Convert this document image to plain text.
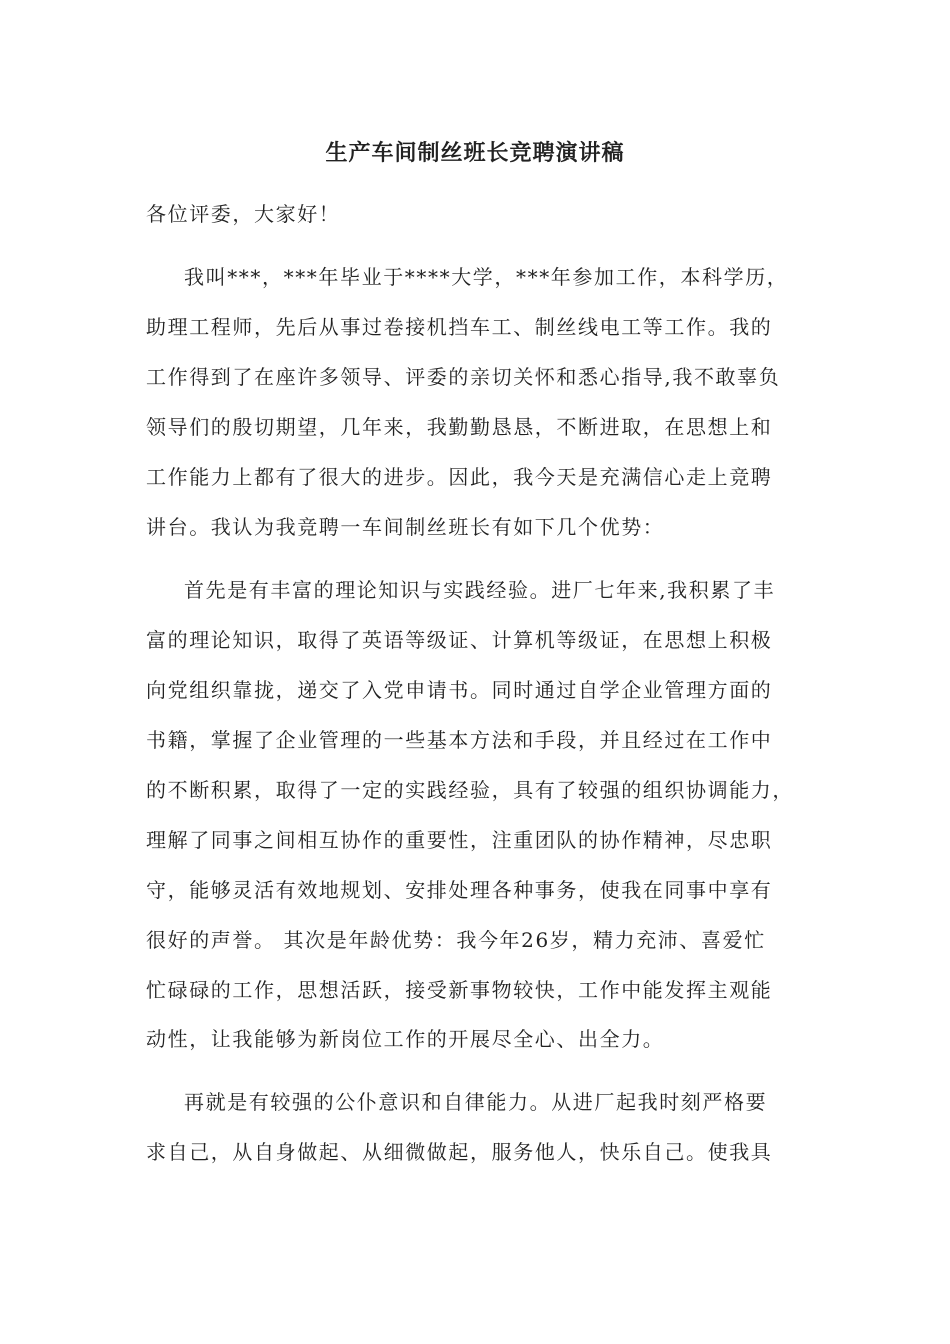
生产车间制丝班长竞聘演讲稿
各位评委，大家好！
我叫***，***年毕业于****大学，***年参加工作，本科学历，
助理工程师，先后从事过卷接机挡车工、制丝线电工等工作。我的
工作得到了在座许多领导、评委的亲切关怀和悉心指导,我不敢辜负
领导们的殷切期望，几年来，我勤勤恳恳，不断进取，在思想上和
工作能力上都有了很大的进步。因此，我今天是充满信心走上竞聘
讲台。我认为我竞聘一车间制丝班长有如下几个优势：
首先是有丰富的理论知识与实践经验。进厂七年来,我积累了丰
富的理论知识，取得了英语等级证、计算机等级证，在思想上积极
向党组织靠拢，递交了入党申请书。同时通过自学企业管理方面的
书籍，掌握了企业管理的一些基本方法和手段，并且经过在工作中
的不断积累，取得了一定的实践经验，具有了较强的组织协调能力，
理解了同事之间相互协作的重要性，注重团队的协作精神，尽忠职
守，能够灵活有效地规划、安排处理各种事务，使我在同事中享有
很好的声誉。 其次是年龄优势：我今年26岁，精力充沛、喜爱忙
忙碌碌的工作，思想活跃，接受新事物较快，工作中能发挥主观能
动性，让我能够为新岗位工作的开展尽全心、出全力。
再就是有较强的公仆意识和自律能力。从进厂起我时刻严格要
求自己，从自身做起、从细微做起，服务他人，快乐自己。使我具
